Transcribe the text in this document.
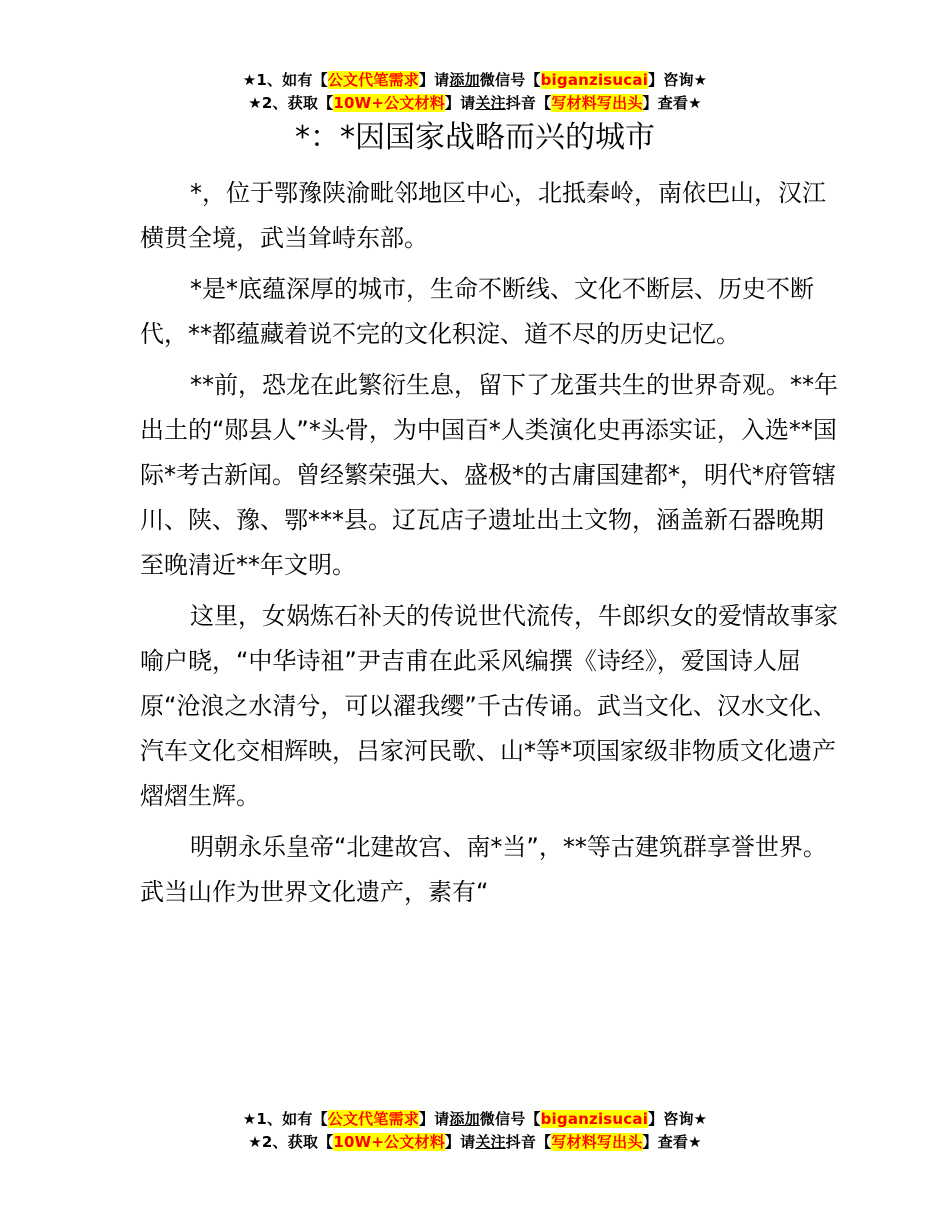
★1、如有【公文代笔需求】请添加微信号【biganzisucai】咨询★
★2、获取【10W+公文材料】请关注抖音【写材料写出头】查看★
*：*因国家战略而兴的城市

*，位于鄂豫陕渝毗邻地区中心，北抵秦岭，南依巴山，汉江横贯全境，武当耸峙东部。

*是*底蕴深厚的城市，生命不断线、文化不断层、历史不断代，**都蕴藏着说不完的文化积淀、道不尽的历史记忆。

**前，恐龙在此繁衍生息，留下了龙蛋共生的世界奇观。**年出土的“郧县人”*头骨，为中国百*人类演化史再添实证，入选**国际*考古新闻。曾经繁荣强大、盛极*的古庸国建都*，明代*府管辖川、陕、豫、鄂***县。辽瓦店子遗址出土文物，涵盖新石器晚期至晚清近**年文明。

这里，女娲炼石补天的传说世代流传，牛郎织女的爱情故事家喻户晓，“中华诗祖”尹吉甫在此采风编撰《诗经》，爱国诗人屈原“沧浪之水清兮，可以濯我缨”千古传诵。武当文化、汉水文化、汽车文化交相辉映，吕家河民歌、山*等*项国家级非物质文化遗产熠熠生辉。

明朝永乐皇帝“北建故宫、南*当”，**等古建筑群享誉世界。武当山作为世界文化遗产，素有“

★1、如有【公文代笔需求】请添加微信号【biganzisucai】咨询★
★2、获取【10W+公文材料】请关注抖音【写材料写出头】查看★
